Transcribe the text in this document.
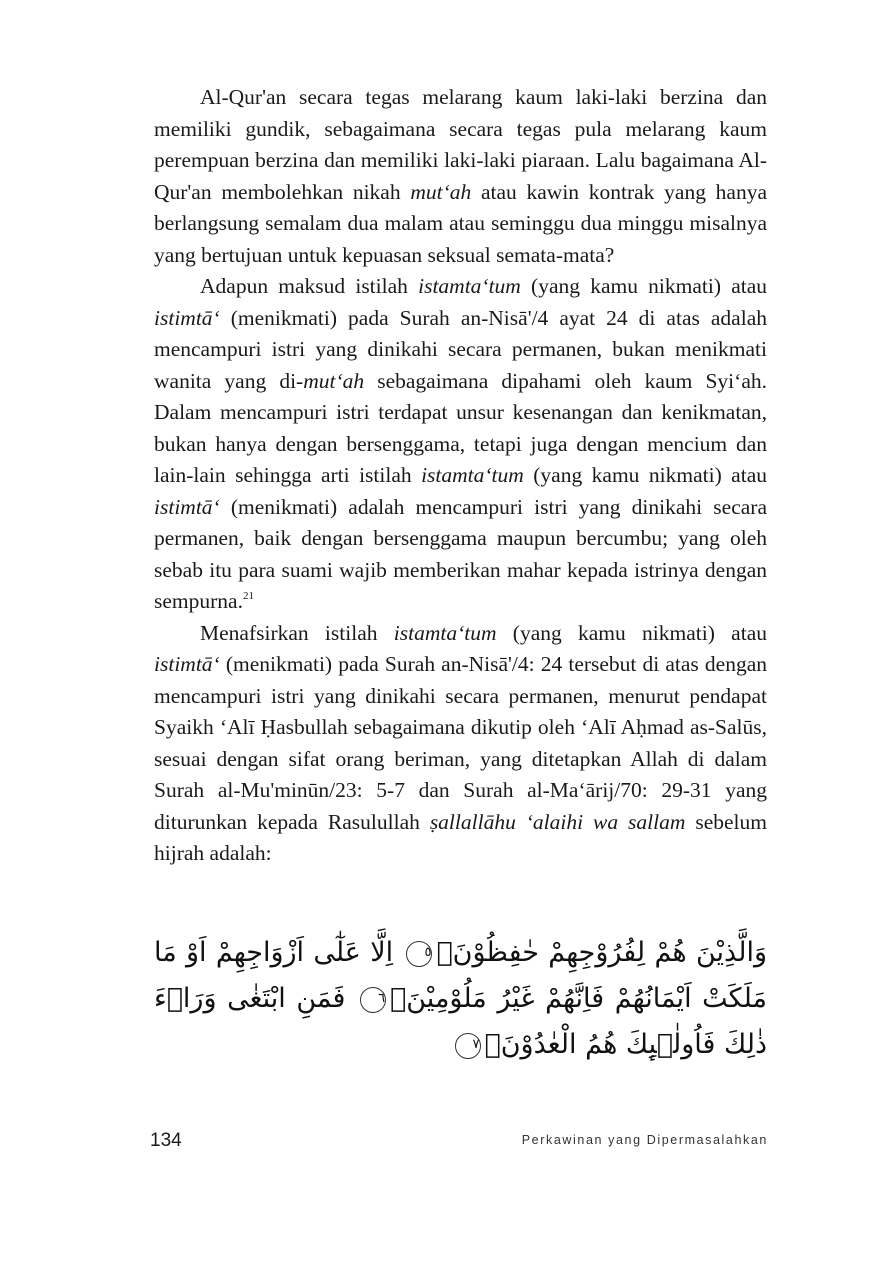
Al-Qur'an secara tegas melarang kaum laki-laki berzina dan memiliki gundik, sebagaimana secara tegas pula melarang kaum perempuan berzina dan memiliki laki-laki piaraan. Lalu bagaimana Al-Qur'an membolehkan nikah mut‘ah atau kawin kontrak yang hanya berlangsung semalam dua malam atau seminggu dua minggu misalnya yang bertujuan untuk kepuasan seksual semata-mata?

Adapun maksud istilah istamta‘tum (yang kamu nikmati) atau istimtā‘ (menikmati) pada Surah an-Nisā'/4 ayat 24 di atas adalah mencampuri istri yang dinikahi secara permanen, bukan menikmati wanita yang di-mut‘ah sebagaimana dipahami oleh kaum Syi‘ah. Dalam mencampuri istri terdapat unsur kesenangan dan kenikmatan, bukan hanya dengan bersenggama, tetapi juga dengan mencium dan lain-lain sehingga arti istilah istamta‘tum (yang kamu nikmati) atau istimtā‘ (menikmati) adalah mencampuri istri yang dinikahi secara permanen, baik dengan bersenggama maupun bercumbu; yang oleh sebab itu para suami wajib memberikan mahar kepada istrinya dengan sempurna.$^{21}$

Menafsirkan istilah istamta‘tum (yang kamu nikmati) atau istimtā‘ (menikmati) pada Surah an-Nisā'/4: 24 tersebut di atas dengan mencampuri istri yang dinikahi secara permanen, menurut pendapat Syaikh ‘Alī Ḥasbullah sebagaimana dikutip oleh ‘Alī Aḥmad as-Salūs, sesuai dengan sifat orang beriman, yang ditetapkan Allah di dalam Surah al-Mu'minūn/23: 5-7 dan Surah al-Ma‘ārij/70: 29-31 yang diturunkan kepada Rasulullah ṣallallāhu ‘alaihi wa sallam sebelum hijrah adalah:

وَالَّذِيْنَ هُمْ لِفُرُوْجِهِمْ حٰفِظُوْنَۙ٥ اِلَّا عَلٰٓى اَزْوَاجِهِمْ اَوْ مَا مَلَكَتْ اَيْمَانُهُمْ فَاِنَّهُمْ غَيْرُ مَلُوْمِيْنَۚ٦ فَمَنِ ابْتَغٰى وَرَاۤءَ ذٰلِكَ فَاُولٰۤىِٕكَ هُمُ الْعٰدُوْنَۚ٧
134	Perkawinan yang Dipermasalahkan
